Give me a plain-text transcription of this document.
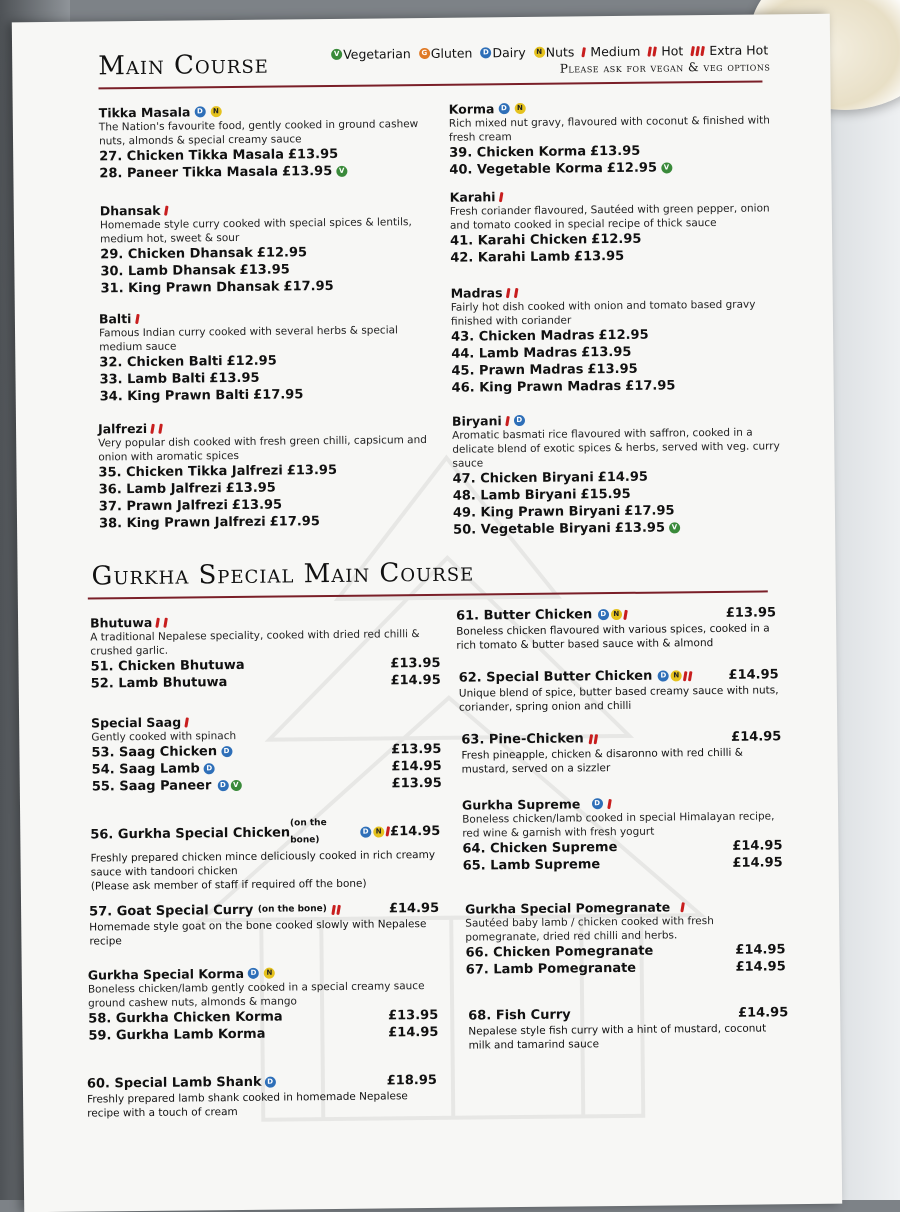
Main Course	V Vegetarian	G Gluten	D Dairy	N Nuts
Medium
Hot
Extra Hot
Please ask for vegan & veg options
Tikka Masala D	N
The Nation's favourite food, gently cooked in ground cashew nuts, almonds & special creamy sauce
27. Chicken Tikka Masala £13.95
28. Paneer Tikka Masala £13.95 V
Dhansak
Homemade style curry cooked with special spices & lentils, medium hot, sweet & sour
29. Chicken Dhansak £12.95
30. Lamb Dhansak £13.95
31. King Prawn Dhansak £17.95
Balti
Famous Indian curry cooked with several herbs & special medium sauce
32. Chicken Balti £12.95
33. Lamb Balti £13.95
34. King Prawn Balti £17.95
Jalfrezi
Very popular dish cooked with fresh green chilli, capsicum and onion with aromatic spices
35. Chicken Tikka Jalfrezi £13.95
36. Lamb Jalfrezi £13.95
37. Prawn Jalfrezi £13.95
38. King Prawn Jalfrezi £17.95
Korma D	N
Rich mixed nut gravy, flavoured with coconut & finished with fresh cream
39. Chicken Korma £13.95
40. Vegetable Korma £12.95 V
Karahi
Fresh coriander flavoured, Sautéed with green pepper, onion and tomato cooked in special recipe of thick sauce
41. Karahi Chicken £12.95
42. Karahi Lamb £13.95
Madras
Fairly hot dish cooked with onion and tomato based gravy finished with coriander
43. Chicken Madras £12.95
44. Lamb Madras £13.95
45. Prawn Madras £13.95
46. King Prawn Madras £17.95
Biryani	D
Aromatic basmati rice flavoured with saffron, cooked in a delicate blend of exotic spices & herbs, served with veg. curry sauce
47. Chicken Biryani £14.95
48. Lamb Biryani £15.95
49. King Prawn Biryani £17.95
50. Vegetable Biryani £13.95 V
Gurkha Special Main Course
Bhutuwa
A traditional Nepalese speciality, cooked with dried red chilli & crushed garlic.
51. Chicken Bhutuwa	£13.95
52. Lamb Bhutuwa	£14.95
Special Saag
Gently cooked with spinach
53. Saag Chicken D	£13.95
54. Saag Lamb D	£14.95
55. Saag Paneer	D	V	£13.95
56. Gurkha Special Chicken
(on the bone)
D	N £14.95
Freshly prepared chicken mince deliciously cooked in rich creamy sauce with tandoori chicken
(Please ask member of staff if required off the bone)
57. Goat Special Curry
(on the bone)
	£14.95
Homemade style goat on the bone cooked slowly with Nepalese recipe
Gurkha Special Korma D	N
Boneless chicken/lamb gently cooked in a special creamy sauce ground cashew nuts, almonds & mango
58. Gurkha Chicken Korma	£13.95
59. Gurkha Lamb Korma	£14.95
60. Special Lamb Shank D	£18.95
Freshly prepared lamb shank cooked in homemade Nepalese recipe with a touch of cream
61. Butter Chicken
	D	N	£13.95
Boneless chicken flavoured with various spices, cooked in a rich tomato & butter based sauce with & almond
62. Special Butter Chicken
	D	N	£14.95
Unique blend of spice, butter based creamy sauce with nuts, coriander, spring onion and chilli
63. Pine-Chicken
	£14.95
Fresh pineapple, chicken & disaronno with red chilli & mustard, served on a sizzler
Gurkha Supreme
	D
Boneless chicken/lamb cooked in special Himalayan recipe, red wine & garnish with fresh yogurt
64. Chicken Supreme	£14.95
65. Lamb Supreme	£14.95
Gurkha Special Pomegranate

Sautéed baby lamb / chicken cooked with fresh pomegranate, dried red chilli and herbs.
66. Chicken Pomegranate	£14.95
67. Lamb Pomegranate	£14.95
68. Fish Curry	£14.95
Nepalese style fish curry with a hint of mustard, coconut milk and tamarind sauce
